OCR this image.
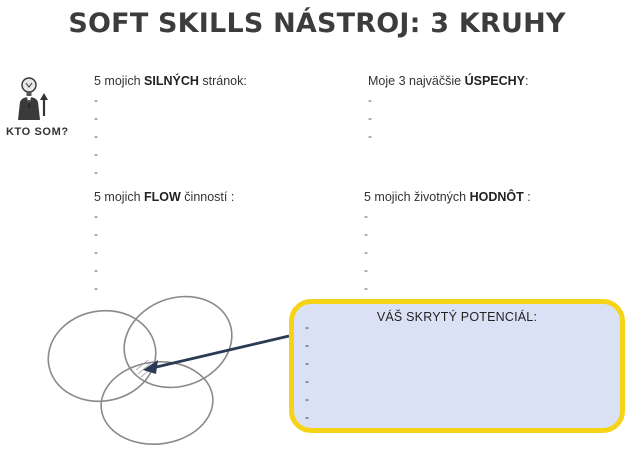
SOFT SKILLS NÁSTROJ: 3 KRUHY
KTO SOM?
5 mojich SILNÝCH stránok:
-
-
-
-
-
Moje 3 najväčšie ÚSPECHY:
-
-
-
5 mojich FLOW činností :
-
-
-
-
-
5 mojich životných HODNÔT :
-
-
-
-
-
VÁŠ SKRYTÝ POTENCIÁL:
-
-
-
-
-
-
